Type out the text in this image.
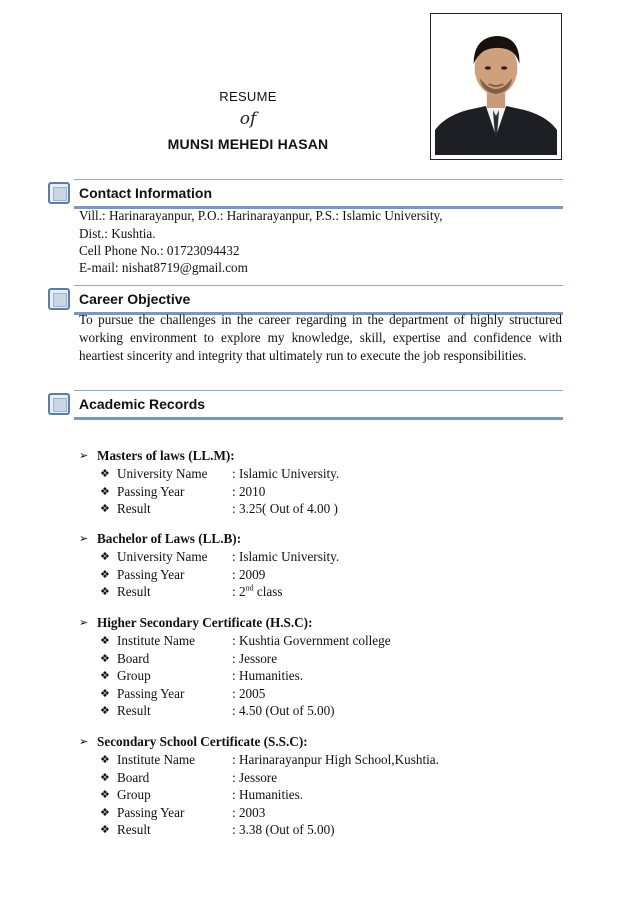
RESUME
of
MUNSI MEHEDI HASAN
Contact Information
Vill.: Harinarayanpur, P.O.: Harinarayanpur, P.S.: Islamic University,
Dist.: Kushtia.
Cell Phone No.: 01723094432
E-mail: nishat8719@gmail.com
Career Objective
To pursue the challenges in the career regarding in the department of highly structured working environment to explore my knowledge, skill, expertise and confidence with heartiest sincerity and integrity that ultimately run to execute the job responsibilities.
Academic Records
➢ Masters of laws (LL.M):
❖ University Name : Islamic University.
❖ Passing Year	: 2010
❖ Result	: 3.25( Out of 4.00 )
➢ Bachelor of Laws (LL.B):
❖ University Name : Islamic University.
❖ Passing Year	: 2009
❖ Result	: 2nd class
➢ Higher Secondary Certificate (H.S.C):
❖ Institute Name	: Kushtia Government college
❖ Board	: Jessore
❖ Group	: Humanities.
❖ Passing Year	: 2005
❖ Result	: 4.50 (Out of 5.00)
➢ Secondary School Certificate (S.S.C):
❖ Institute Name	: Harinarayanpur High School,Kushtia.
❖ Board	: Jessore
❖ Group	: Humanities.
❖ Passing Year	: 2003
❖ Result	: 3.38 (Out of 5.00)
